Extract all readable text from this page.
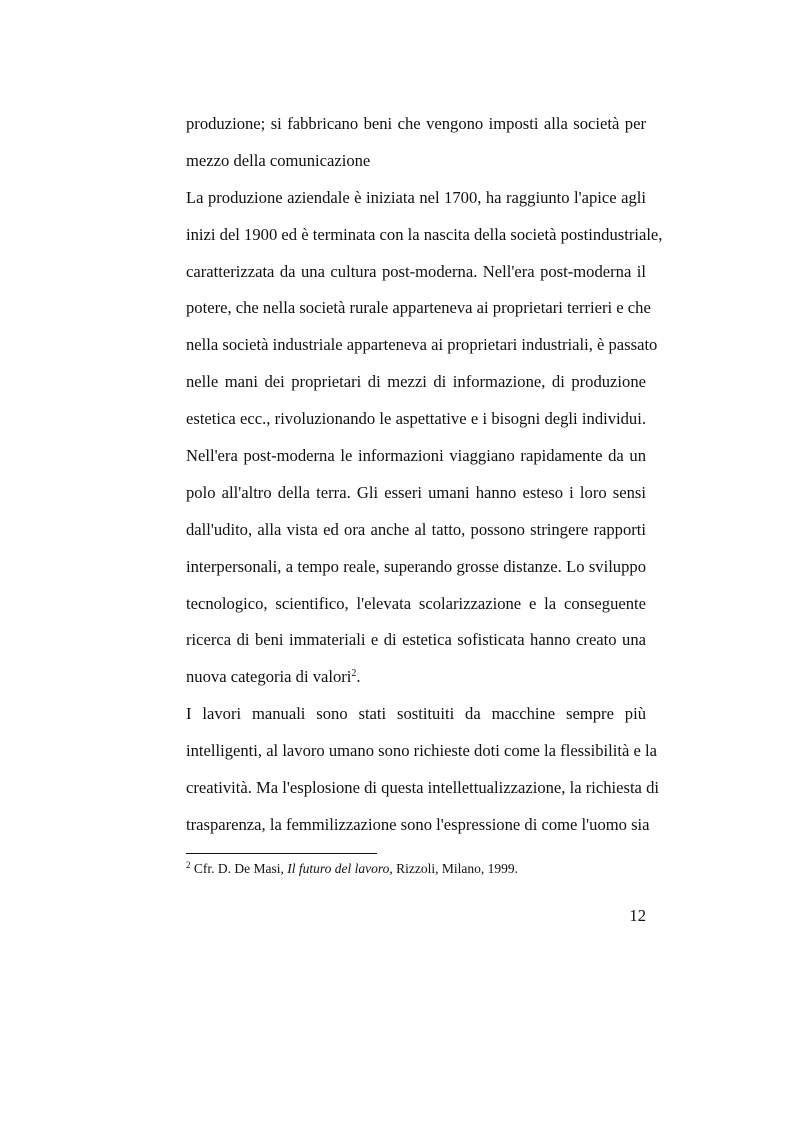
produzione; si fabbricano beni che vengono imposti alla società per
mezzo della comunicazione
La produzione aziendale è iniziata nel 1700, ha raggiunto l'apice agli
inizi del 1900 ed è terminata con la nascita della società postindustriale,
caratterizzata da una cultura post-moderna. Nell'era post-moderna il
potere, che nella società rurale apparteneva ai proprietari terrieri e che
nella società industriale apparteneva ai proprietari industriali, è passato
nelle mani dei proprietari di mezzi di informazione, di produzione
estetica ecc., rivoluzionando le aspettative e i bisogni degli individui.
Nell'era post-moderna le informazioni viaggiano rapidamente da un
polo all'altro della terra. Gli esseri umani hanno esteso i loro sensi
dall'udito, alla vista ed ora anche al tatto, possono stringere rapporti
interpersonali, a tempo reale, superando grosse distanze. Lo sviluppo
tecnologico, scientifico, l'elevata scolarizzazione e la conseguente
ricerca di beni immateriali e di estetica sofisticata hanno creato una
nuova categoria di valori$^2$.
I lavori manuali sono stati sostituiti da macchine sempre più
intelligenti, al lavoro umano sono richieste doti come la flessibilità e la
creatività. Ma l'esplosione di questa intellettualizzazione, la richiesta di
trasparenza, la femmilizzazione sono l'espressione di come l'uomo sia
$^2$ Cfr. D. De Masi, Il futuro del lavoro, Rizzoli, Milano, 1999.
12
